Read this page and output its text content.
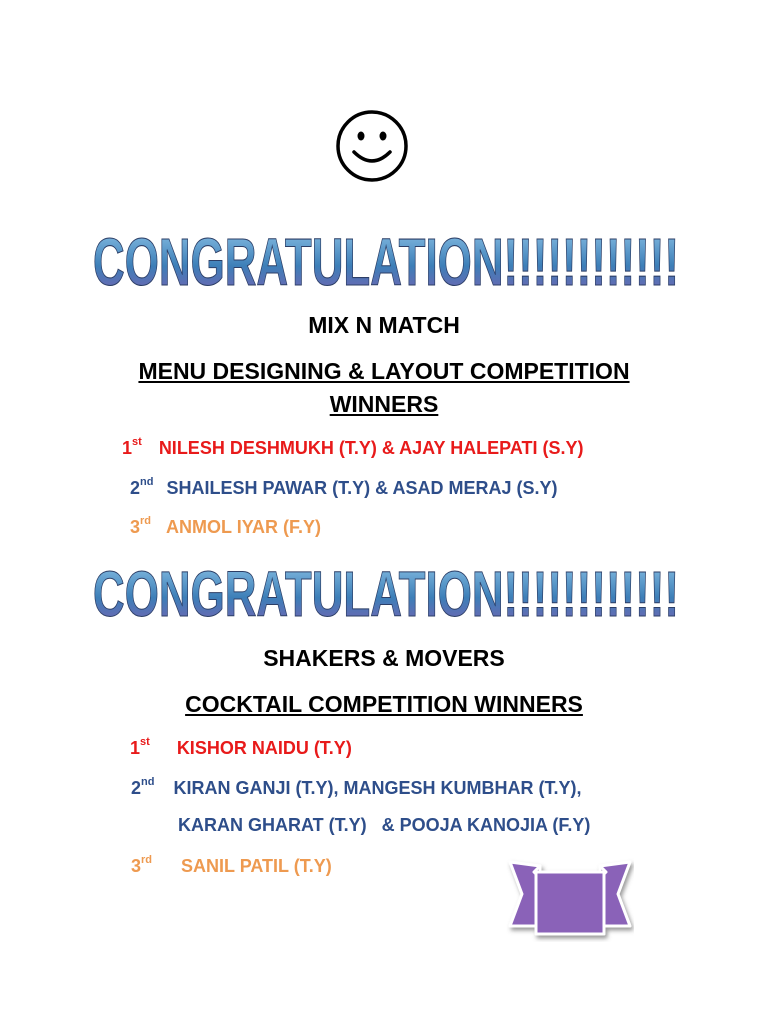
CONGRATULATION!!!!!!!!!!!!
MIX N MATCH
MENU DESIGNING & LAYOUT COMPETITION
WINNERS
1st NILESH DESHMUKH (T.Y) & AJAY HALEPATI (S.Y)
2nd SHAILESH PAWAR (T.Y) & ASAD MERAJ (S.Y)
3rd ANMOL IYAR (F.Y)
CONGRATULATION!!!!!!!!!!!!
SHAKERS & MOVERS
COCKTAIL COMPETITION WINNERS
1st KISHOR NAIDU (T.Y)
2nd KIRAN GANJI (T.Y), MANGESH KUMBHAR (T.Y),
KARAN GHARAT (T.Y)   & POOJA KANOJIA (F.Y)
3rd SANIL PATIL (T.Y)
